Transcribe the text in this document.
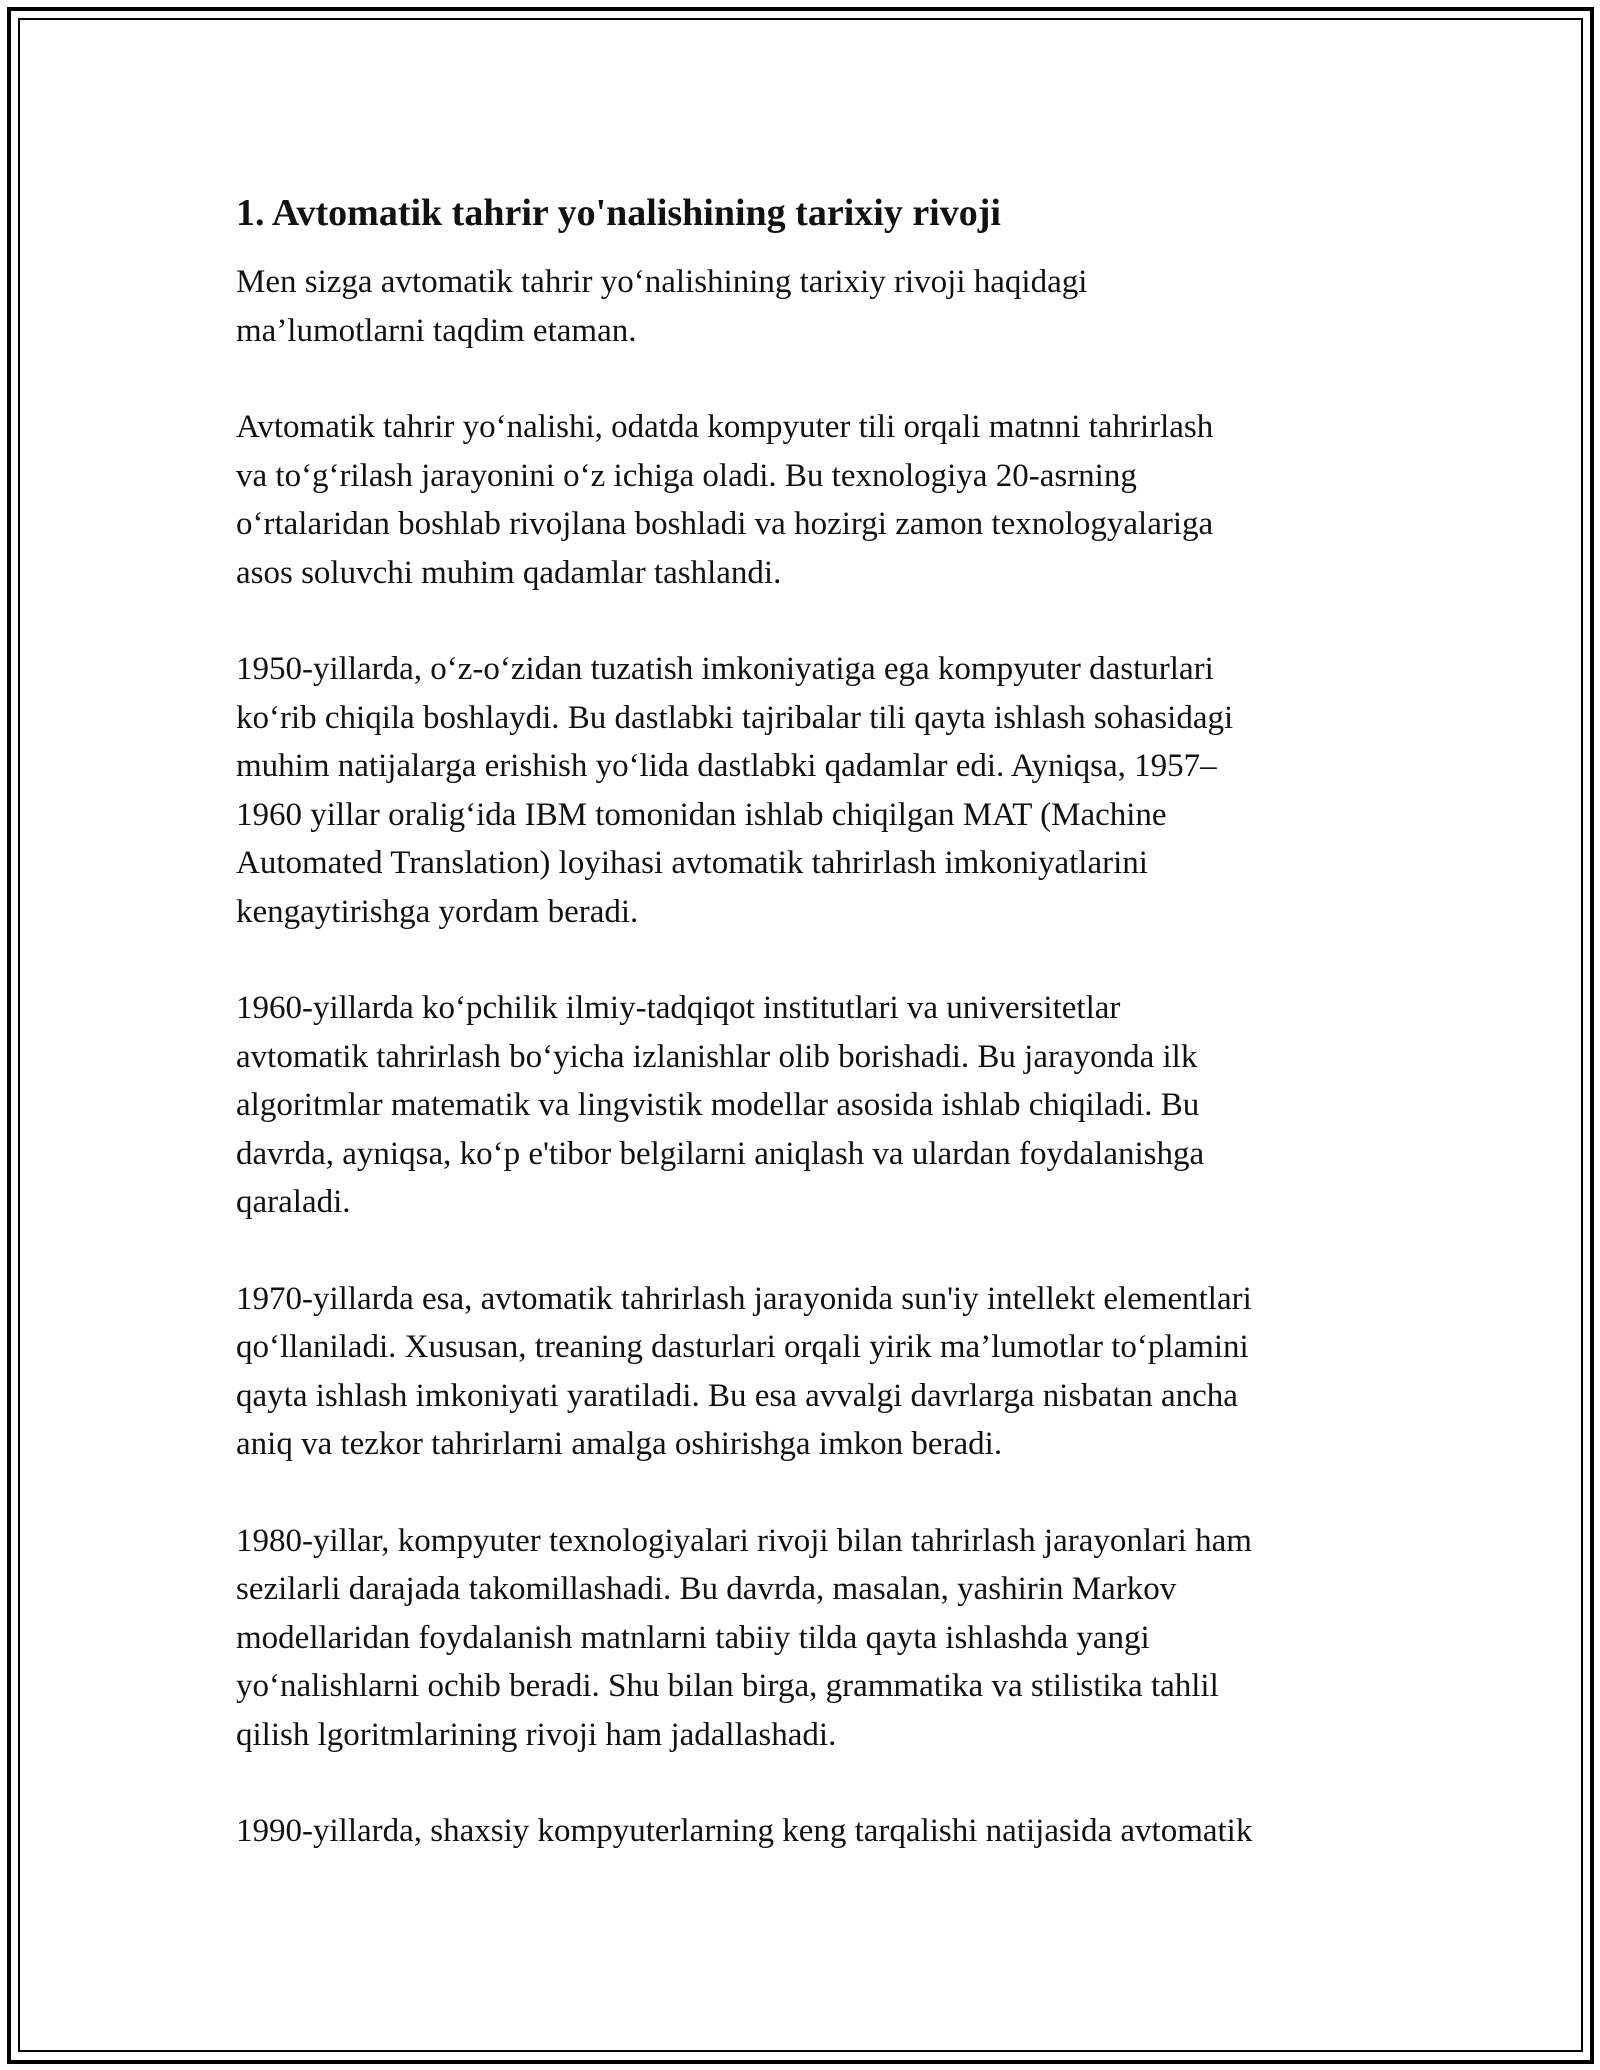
1. Avtomatik tahrir yo'nalishining tarixiy rivoji

Men sizga avtomatik tahrir yo‘nalishining tarixiy rivoji haqidagi
ma’lumotlarni taqdim etaman.

Avtomatik tahrir yo‘nalishi, odatda kompyuter tili orqali matnni tahrirlash
va to‘g‘rilash jarayonini o‘z ichiga oladi. Bu texnologiya 20-asrning
o‘rtalaridan boshlab rivojlana boshladi va hozirgi zamon texnologyalariga
asos soluvchi muhim qadamlar tashlandi.

1950-yillarda, o‘z-o‘zidan tuzatish imkoniyatiga ega kompyuter dasturlari
ko‘rib chiqila boshlaydi. Bu dastlabki tajribalar tili qayta ishlash sohasidagi
muhim natijalarga erishish yo‘lida dastlabki qadamlar edi. Ayniqsa, 1957–
1960 yillar oralig‘ida IBM tomonidan ishlab chiqilgan MAT (Machine
Automated Translation) loyihasi avtomatik tahrirlash imkoniyatlarini
kengaytirishga yordam beradi.

1960-yillarda ko‘pchilik ilmiy-tadqiqot institutlari va universitetlar
avtomatik tahrirlash bo‘yicha izlanishlar olib borishadi. Bu jarayonda ilk
algoritmlar matematik va lingvistik modellar asosida ishlab chiqiladi. Bu
davrda, ayniqsa, ko‘p e'tibor belgilarni aniqlash va ulardan foydalanishga
qaraladi.

1970-yillarda esa, avtomatik tahrirlash jarayonida sun'iy intellekt elementlari
qo‘llaniladi. Xususan, treaning dasturlari orqali yirik ma’lumotlar to‘plamini
qayta ishlash imkoniyati yaratiladi. Bu esa avvalgi davrlarga nisbatan ancha
aniq va tezkor tahrirlarni amalga oshirishga imkon beradi.

1980-yillar, kompyuter texnologiyalari rivoji bilan tahrirlash jarayonlari ham
sezilarli darajada takomillashadi. Bu davrda, masalan, yashirin Markov
modellaridan foydalanish matnlarni tabiiy tilda qayta ishlashda yangi
yo‘nalishlarni ochib beradi. Shu bilan birga, grammatika va stilistika tahlil
qilish lgoritmlarining rivoji ham jadallashadi.

1990-yillarda, shaxsiy kompyuterlarning keng tarqalishi natijasida avtomatik
